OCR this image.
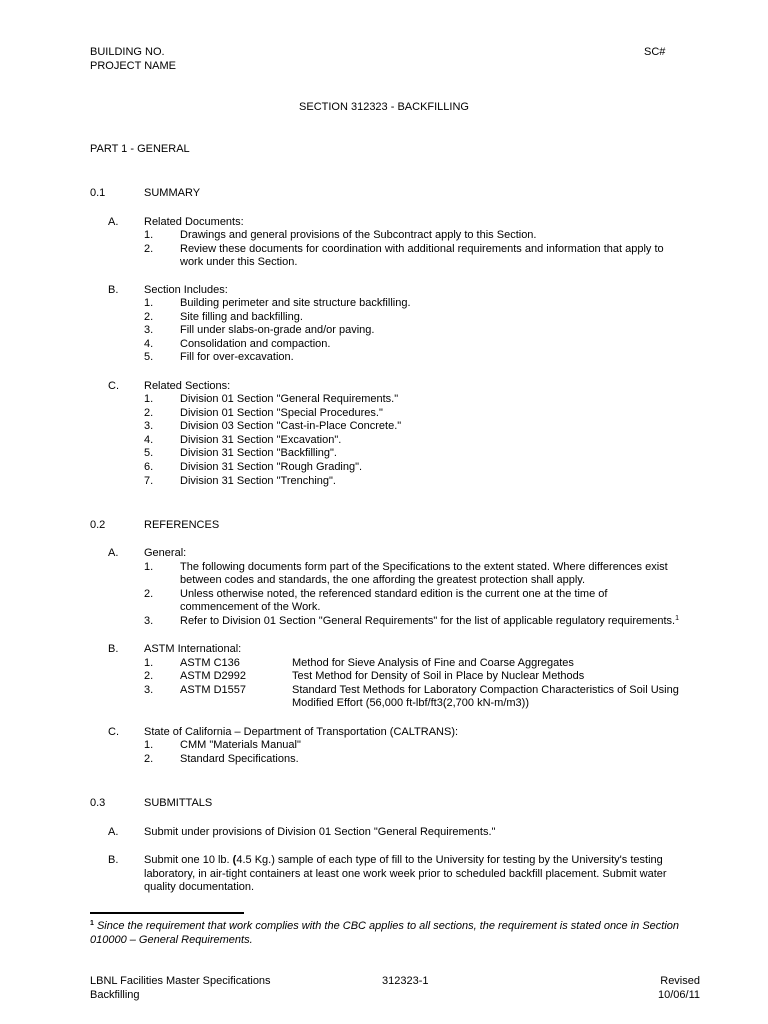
BUILDING NO.
PROJECT NAME
SC#
SECTION 312323 - BACKFILLING
PART 1 - GENERAL
0.1	SUMMARY
A. Related Documents:
1. Drawings and general provisions of the Subcontract apply to this Section.
2. Review these documents for coordination with additional requirements and information that apply to
work under this Section.
B. Section Includes:
1. Building perimeter and site structure backfilling.
2. Site filling and backfilling.
3. Fill under slabs-on-grade and/or paving.
4. Consolidation and compaction.
5. Fill for over-excavation.
C. Related Sections:
1. Division 01 Section "General Requirements."
2. Division 01 Section "Special Procedures."
3. Division 03 Section "Cast-in-Place Concrete."
4. Division 31 Section "Excavation".
5. Division 31 Section "Backfilling".
6. Division 31 Section "Rough Grading".
7. Division 31 Section "Trenching".
0.2	REFERENCES
A. General:
1. The following documents form part of the Specifications to the extent stated. Where differences exist
between codes and standards, the one affording the greatest protection shall apply.
2. Unless otherwise noted, the referenced standard edition is the current one at the time of
commencement of the Work.
3. Refer to Division 01 Section "General Requirements" for the list of applicable regulatory requirements.$^1$
B. ASTM International:
1. ASTM C136	Method for Sieve Analysis of Fine and Coarse Aggregates
2. ASTM D2992	Test Method for Density of Soil in Place by Nuclear Methods
3. ASTM D1557	Standard Test Methods for Laboratory Compaction Characteristics of Soil Using
Modified Effort (56,000 ft-lbf/ft3(2,700 kN-m/m3))
C. State of California – Department of Transportation (CALTRANS):
1. CMM "Materials Manual"
2. Standard Specifications.
0.3	SUBMITTALS
A. Submit under provisions of Division 01 Section "General Requirements."
B. Submit one 10 lb. (4.5 Kg.) sample of each type of fill to the University for testing by the University's testing
laboratory, in air-tight containers at least one work week prior to scheduled backfill placement. Submit water
quality documentation.
$^1$ Since the requirement that work complies with the CBC applies to all sections, the requirement is stated once in Section
010000 – General Requirements.
LBNL Facilities Master Specifications
Backfilling
312323-1	Revised
10/06/11
